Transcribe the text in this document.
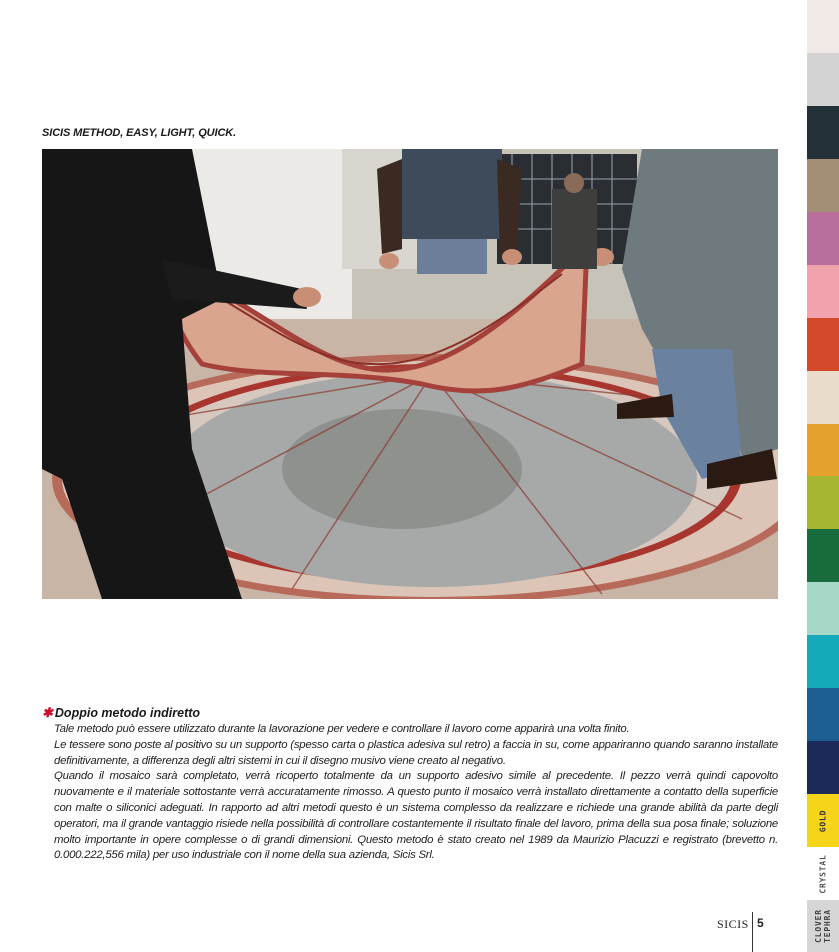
SICIS METHOD, EASY, LIGHT, QUICK.
✱ Doppio metodo indiretto

Tale metodo può essere utilizzato durante la lavorazione per vedere e controllare il lavoro come apparirà una volta finito.

Le tessere sono poste al positivo su un supporto (spesso carta o plastica adesiva sul retro) a faccia in su, come appariranno quando saranno installate definitivamente, a differenza degli altri sistemi in cui il disegno musivo viene creato al negativo.

Quando il mosaico sarà completato, verrà ricoperto totalmente da un supporto adesivo simile al precedente. Il pezzo verrà quindi capovolto nuovamente e il materiale sottostante verrà accuratamente rimosso. A questo punto il mosaico verrà installato direttamente a contatto della superficie con malte o siliconici adeguati. In rapporto ad altri metodi questo è un sistema complesso da realizzare e richiede una grande abilità da parte degli operatori, ma il grande vantaggio risiede nella possibilità di controllare costantemente il risultato finale del lavoro, prima della sua posa finale; soluzione molto importante in opere complesse o di grandi dimensioni. Questo metodo è stato creato nel 1989 da Maurizio Placuzzi e registrato (brevetto n. 0.000.222,556 mila) per uso industriale con il nome della sua azienda, Sicis Srl.

SICIS 5
GOLD
CRYSTAL
CLOVER
TEPHRA
